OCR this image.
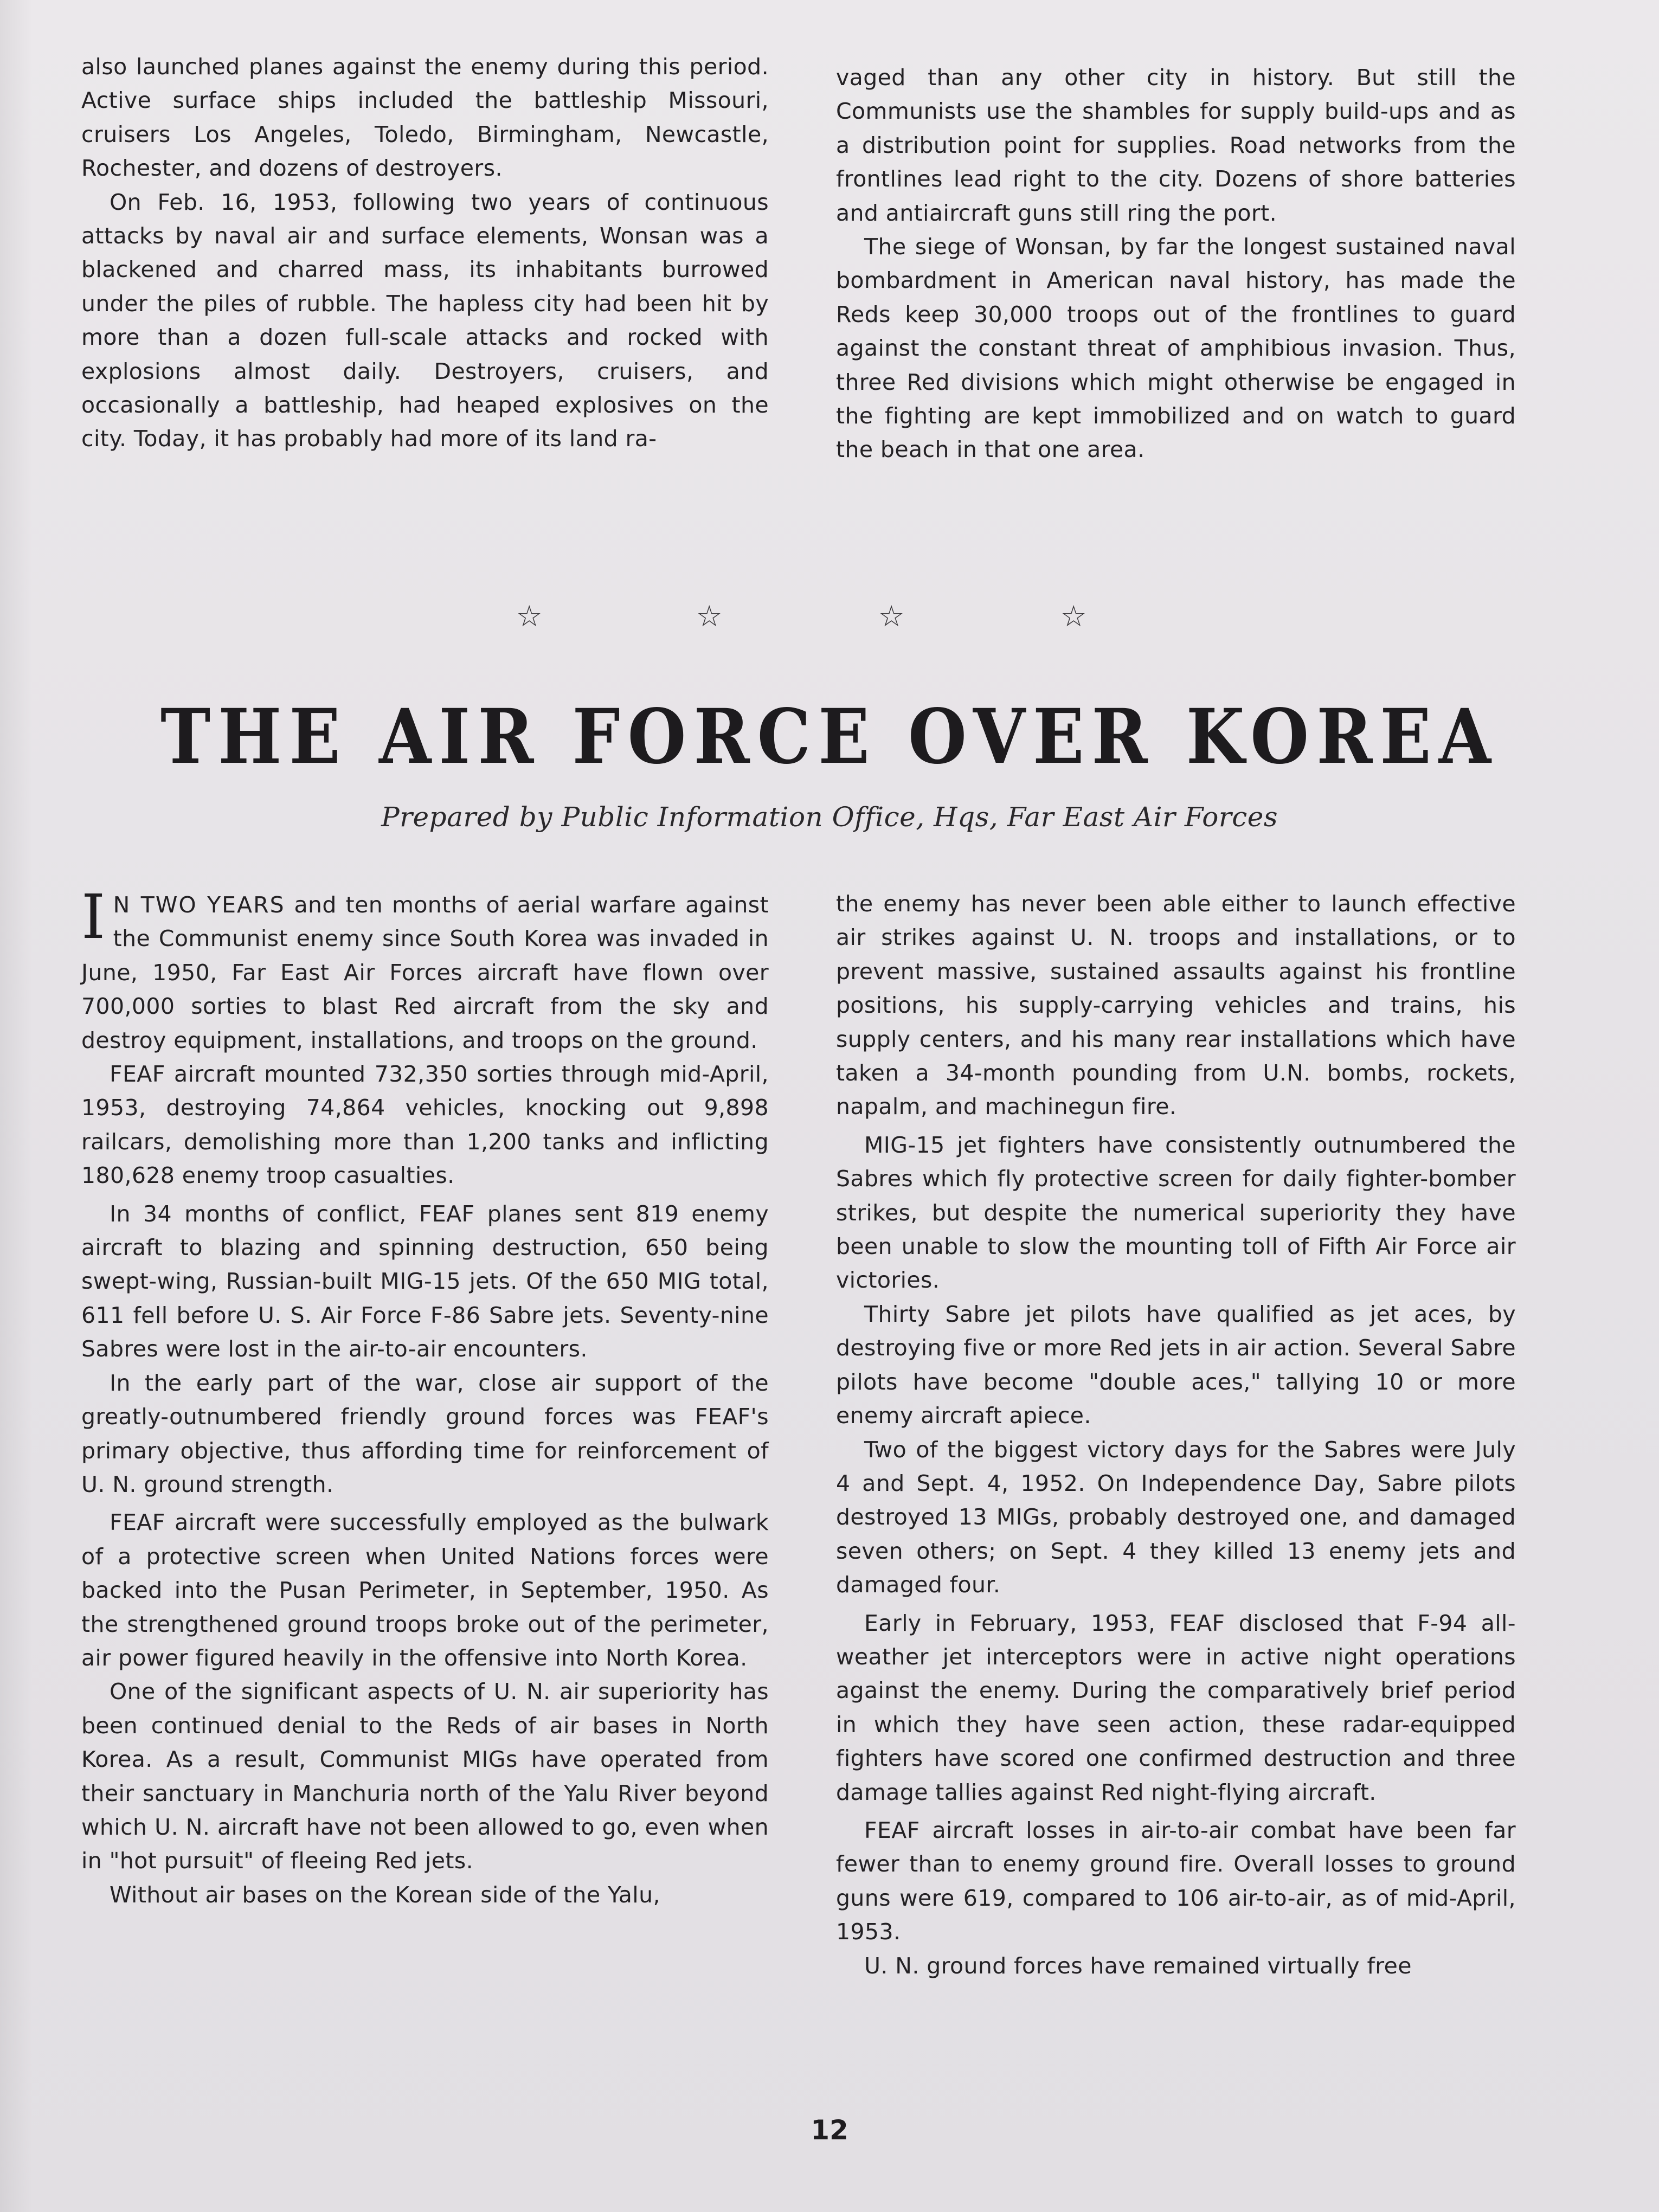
also launched planes against the enemy during this period. Active surface ships included the battleship Missouri, cruisers Los Angeles, Toledo, Birmingham, Newcastle, Rochester, and dozens of destroyers.

On Feb. 16, 1953, following two years of continuous attacks by naval air and surface elements, Wonsan was a blackened and charred mass, its inhabitants burrowed under the piles of rubble. The hapless city had been hit by more than a dozen full-scale attacks and rocked with explosions almost daily. Destroyers, cruisers, and occasionally a battleship, had heaped explosives on the city. Today, it has probably had more of its land ra-

vaged than any other city in history. But still the Communists use the shambles for supply build-ups and as a distribution point for supplies. Road networks from the frontlines lead right to the city. Dozens of shore batteries and antiaircraft guns still ring the port.

The siege of Wonsan, by far the longest sustained naval bombardment in American naval history, has made the Reds keep 30,000 troops out of the frontlines to guard against the constant threat of amphibious invasion. Thus, three Red divisions which might otherwise be engaged in the fighting are kept immobilized and on watch to guard the beach in that one area.

☆	☆	☆	☆
THE AIR FORCE OVER KOREA
Prepared by Public Information Office, Hqs, Far East Air Forces

I N TWO YEARS and ten months of aerial warfare against the Communist enemy since South Korea was invaded in June, 1950, Far East Air Forces aircraft have flown over 700,000 sorties to blast Red aircraft from the sky and destroy equipment, installations, and troops on the ground.

FEAF aircraft mounted 732,350 sorties through mid-April, 1953, destroying 74,864 vehicles, knocking out 9,898 railcars, demolishing more than 1,200 tanks and inflicting 180,628 enemy troop casualties.

In 34 months of conflict, FEAF planes sent 819 enemy aircraft to blazing and spinning destruction, 650 being swept-wing, Russian-built MIG-15 jets. Of the 650 MIG total, 611 fell before U. S. Air Force F-86 Sabre jets. Seventy-nine Sabres were lost in the air-to-air encounters.

In the early part of the war, close air support of the greatly-outnumbered friendly ground forces was FEAF's primary objective, thus affording time for reinforcement of U. N. ground strength.

FEAF aircraft were successfully employed as the bulwark of a protective screen when United Nations forces were backed into the Pusan Perimeter, in September, 1950. As the strengthened ground troops broke out of the perimeter, air power figured heavily in the offensive into North Korea.

One of the significant aspects of U. N. air superiority has been continued denial to the Reds of air bases in North Korea. As a result, Communist MIGs have operated from their sanctuary in Manchuria north of the Yalu River beyond which U. N. aircraft have not been allowed to go, even when in "hot pursuit" of fleeing Red jets.

Without air bases on the Korean side of the Yalu,

the enemy has never been able either to launch effective air strikes against U. N. troops and installations, or to prevent massive, sustained assaults against his frontline positions, his supply-carrying vehicles and trains, his supply centers, and his many rear installations which have taken a 34-month pounding from U.N. bombs, rockets, napalm, and machinegun fire.

MIG-15 jet fighters have consistently outnumbered the Sabres which fly protective screen for daily fighter-bomber strikes, but despite the numerical superiority they have been unable to slow the mounting toll of Fifth Air Force air victories.

Thirty Sabre jet pilots have qualified as jet aces, by destroying five or more Red jets in air action. Several Sabre pilots have become "double aces," tallying 10 or more enemy aircraft apiece.

Two of the biggest victory days for the Sabres were July 4 and Sept. 4, 1952. On Independence Day, Sabre pilots destroyed 13 MIGs, probably destroyed one, and damaged seven others; on Sept. 4 they killed 13 enemy jets and damaged four.

Early in February, 1953, FEAF disclosed that F-94 all-weather jet interceptors were in active night operations against the enemy. During the comparatively brief period in which they have seen action, these radar-equipped fighters have scored one confirmed destruction and three damage tallies against Red night-flying aircraft.

FEAF aircraft losses in air-to-air combat have been far fewer than to enemy ground fire. Overall losses to ground guns were 619, compared to 106 air-to-air, as of mid-April, 1953.

U. N. ground forces have remained virtually free

12
